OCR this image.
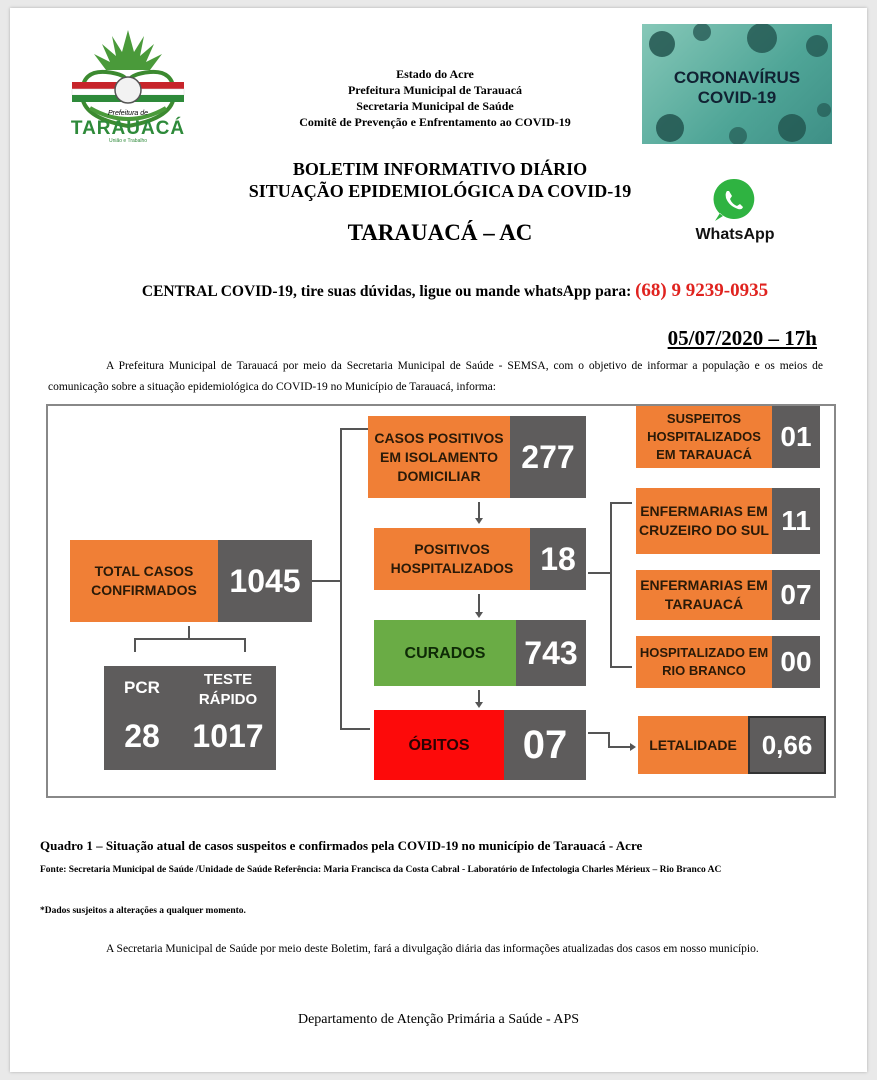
Prefeitura de
TARAUACÁ
União e Trabalho
Estado do Acre
Prefeitura Municipal de Tarauacá
Secretaria Municipal de Saúde
Comitê de Prevenção e Enfrentamento ao COVID-19
CORONAVÍRUS
COVID-19
WhatsApp
BOLETIM INFORMATIVO DIÁRIO
SITUAÇÃO EPIDEMIOLÓGICA DA COVID-19
TARAUACÁ – AC
CENTRAL COVID-19, tire suas dúvidas, ligue ou mande whatsApp para: (68) 9 9239-0935
05/07/2020 – 17h
A Prefeitura Municipal de Tarauacá por meio da Secretaria Municipal de Saúde - SEMSA, com o objetivo de informar a população e os meios de comunicação sobre a situação epidemiológica do COVID-19 no Município de Tarauacá, informa:
TOTAL CASOS CONFIRMADOS	1045
PCR	TESTE RÁPIDO
28	1017
CASOS POSITIVOS EM ISOLAMENTO DOMICILIAR
277
POSITIVOS HOSPITALIZADOS 18
CURADOS	743
ÓBITOS	07
SUSPEITOS HOSPITALIZADOS EM TARAUACÁ
01
ENFERMARIAS EM CRUZEIRO DO SUL 11
ENFERMARIAS EM TARAUACÁ	07
HOSPITALIZADO EM RIO BRANCO	00
LETALIDADE 0,66
Quadro 1 – Situação atual de casos suspeitos e confirmados pela COVID-19 no município de Tarauacá - Acre
Fonte: Secretaria Municipal de Saúde /Unidade de Saúde Referência: Maria Francisca da Costa Cabral - Laboratório de Infectologia Charles Mérieux – Rio Branco AC
*Dados susjeitos a alterações a qualquer momento.
A Secretaria Municipal de Saúde por meio deste Boletim, fará a divulgação diária das informações atualizadas dos casos em nosso município.
Departamento de Atenção Primária a Saúde - APS
